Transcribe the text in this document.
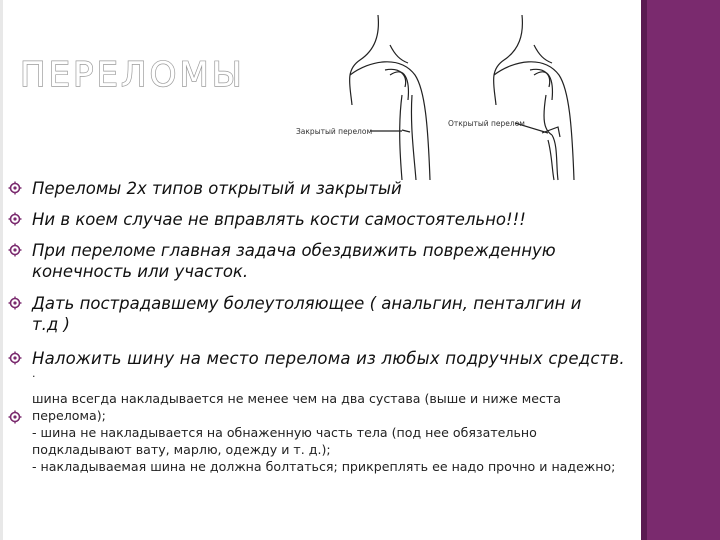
ПЕРЕЛОМЫ
Закрытый перелом
Открытый перелом
Переломы 2х типов открытый и закрытый
Ни в коем случае не вправлять кости самостоятельно!!!
При переломе главная задача обездвижить поврежденную
конечность или участок.
Дать пострадавшему болеутоляющее ( анальгин, пенталгин и
т.д )
Наложить шину на место перелома из любых подручных средств.
·
шина всегда накладывается не менее чем на два сустава (выше и ниже места
перелома);
- шина не накладывается на обнаженную часть тела (под нее обязательно
подкладывают вату, марлю, одежду и т. д.);
- накладываемая шина не должна болтаться; прикреплять ее надо прочно и надежно;
